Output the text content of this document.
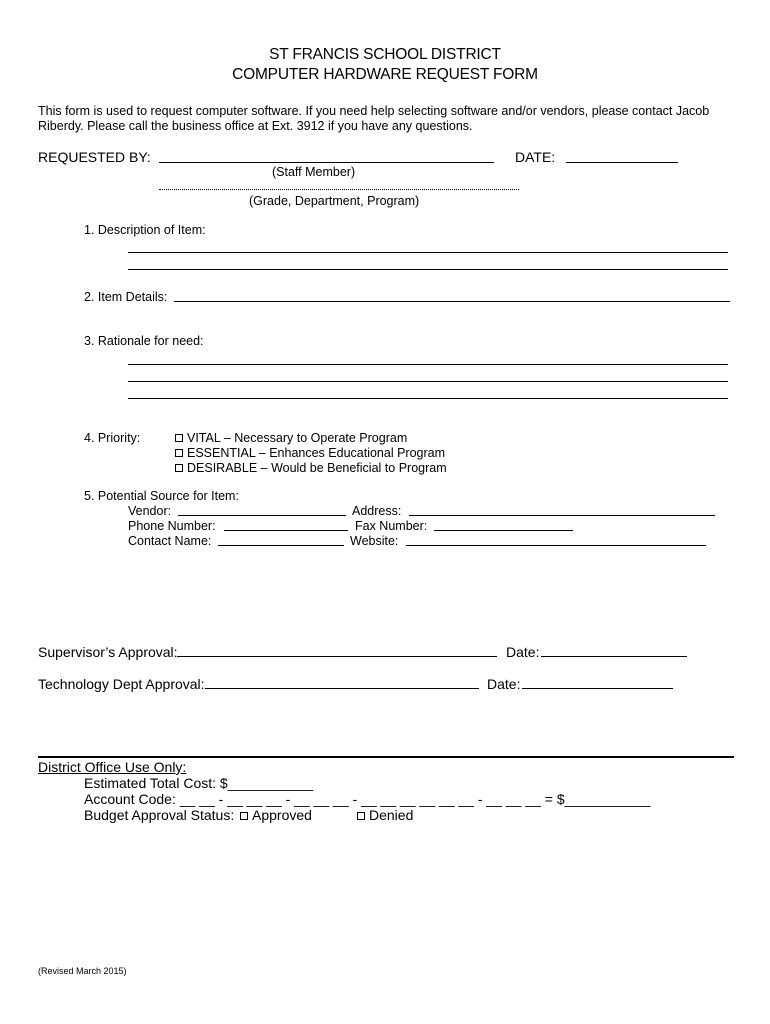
ST FRANCIS SCHOOL DISTRICT
COMPUTER HARDWARE REQUEST FORM
This form is used to request computer software. If you need help selecting software and/or vendors, please contact Jacob Riberdy. Please call the business office at Ext. 3912 if you have any questions.
REQUESTED BY:	DATE:
(Staff Member)
(Grade, Department, Program)
1. Description of Item:
2. Item Details:
3. Rationale for need:
4. Priority:	VITAL – Necessary to Operate Program
ESSENTIAL – Enhances Educational Program
DESIRABLE – Would be Beneficial to Program
5. Potential Source for Item:
Vendor:	Address:
Phone Number:	Fax Number:
Contact Name:	Website:
Supervisor’s Approval:	Date:
Technology Dept Approval:	Date:
District Office Use Only:
Estimated Total Cost: $___________
Account Code: __ __ - __ __ __ - __ __ __ - __ __ __ __ __ __ - __ __ __ = $___________
Budget Approval Status:	Approved	Denied
(Revised March 2015)
